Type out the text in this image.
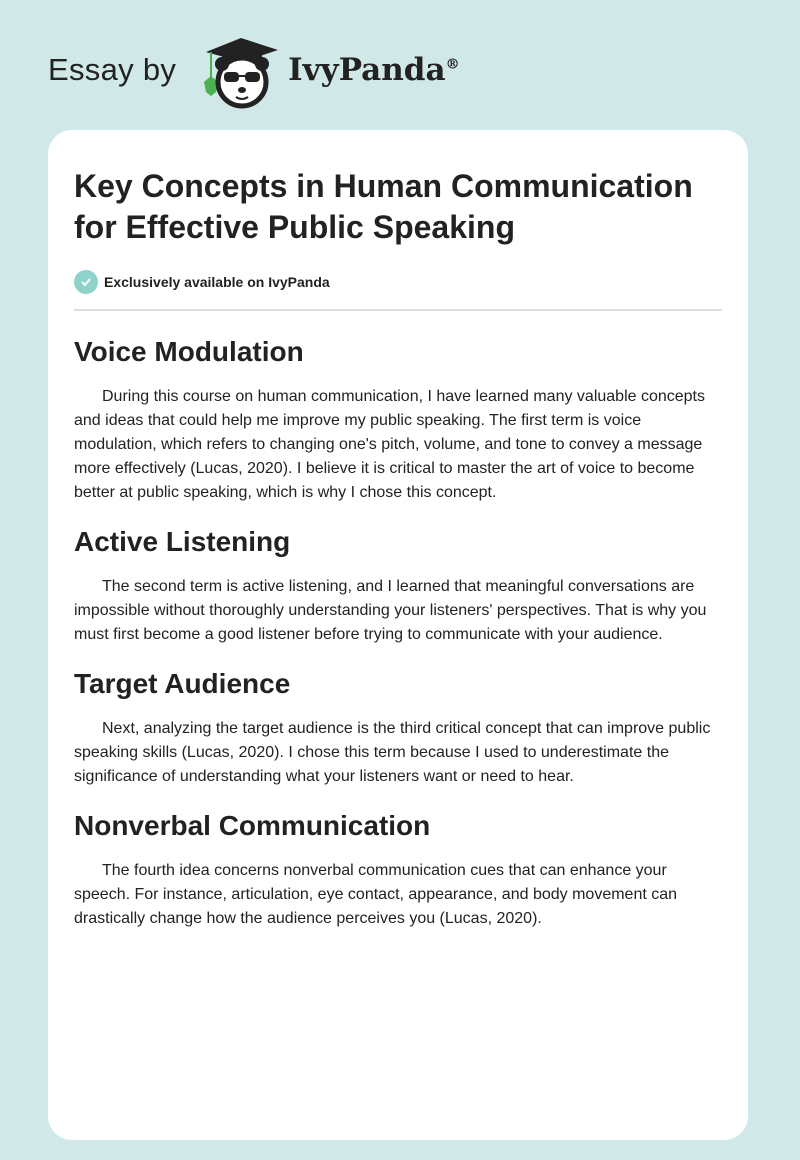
Essay by	IvyPanda®
Key Concepts in Human Communication for Effective Public Speaking
Exclusively available on IvyPanda
Voice Modulation

During this course on human communication, I have learned many valuable concepts and ideas that could help me improve my public speaking. The first term is voice modulation, which refers to changing one's pitch, volume, and tone to convey a message more effectively (Lucas, 2020). I believe it is critical to master the art of voice to become better at public speaking, which is why I chose this concept.

Active Listening

The second term is active listening, and I learned that meaningful conversations are impossible without thoroughly understanding your listeners' perspectives. That is why you must first become a good listener before trying to communicate with your audience.

Target Audience

Next, analyzing the target audience is the third critical concept that can improve public speaking skills (Lucas, 2020). I chose this term because I used to underestimate the significance of understanding what your listeners want or need to hear.

Nonverbal Communication

The fourth idea concerns nonverbal communication cues that can enhance your speech. For instance, articulation, eye contact, appearance, and body movement can drastically change how the audience perceives you (Lucas, 2020).
